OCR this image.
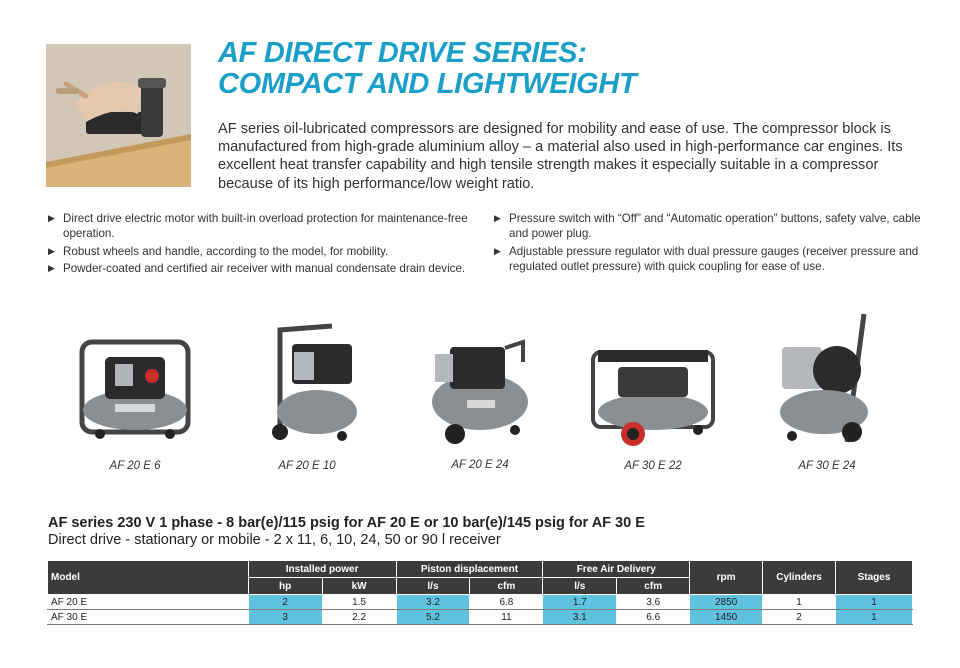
AF DIRECT DRIVE SERIES:
COMPACT AND LIGHTWEIGHT

AF series oil-lubricated compressors are designed for mobility and ease of use. The compressor block is manufactured from high-grade aluminium alloy – a material also used in high-performance car engines. Its excellent heat transfer capability and high tensile strength makes it especially suitable in a compressor because of its high performance/low weight ratio.

▶ Direct drive electric motor with built-in overload protection for maintenance-free operation.
▶ Robust wheels and handle, according to the model, for mobility.
▶ Powder-coated and certified air receiver with manual condensate drain device.
▶ Pressure switch with “Off” and “Automatic operation” buttons, safety valve, cable and power plug.
▶ Adjustable pressure regulator with dual pressure gauges (receiver pressure and regulated outlet pressure) with quick coupling for ease of use.
AF 20 E 6	AF 20 E 10	AF 20 E 24	AF 30 E 22	AF 30 E 24
AF series 230 V 1 phase - 8 bar(e)/115 psig for AF 20 E or 10 bar(e)/145 psig for AF 30 E
Direct drive - stationary or mobile - 2 x 11, 6, 10, 24, 50 or 90 l receiver
Model	Installed power		Piston displacement		Free Air Delivery		rpm	Cylinders	Stages
	hp	kW	l/s	cfm	l/s	cfm			
AF 20 E	2	1.5	3.2	6.8	1.7	3.6	2850	1	1
AF 30 E	3	2.2	5.2	11	3.1	6.6	1450	2	1
